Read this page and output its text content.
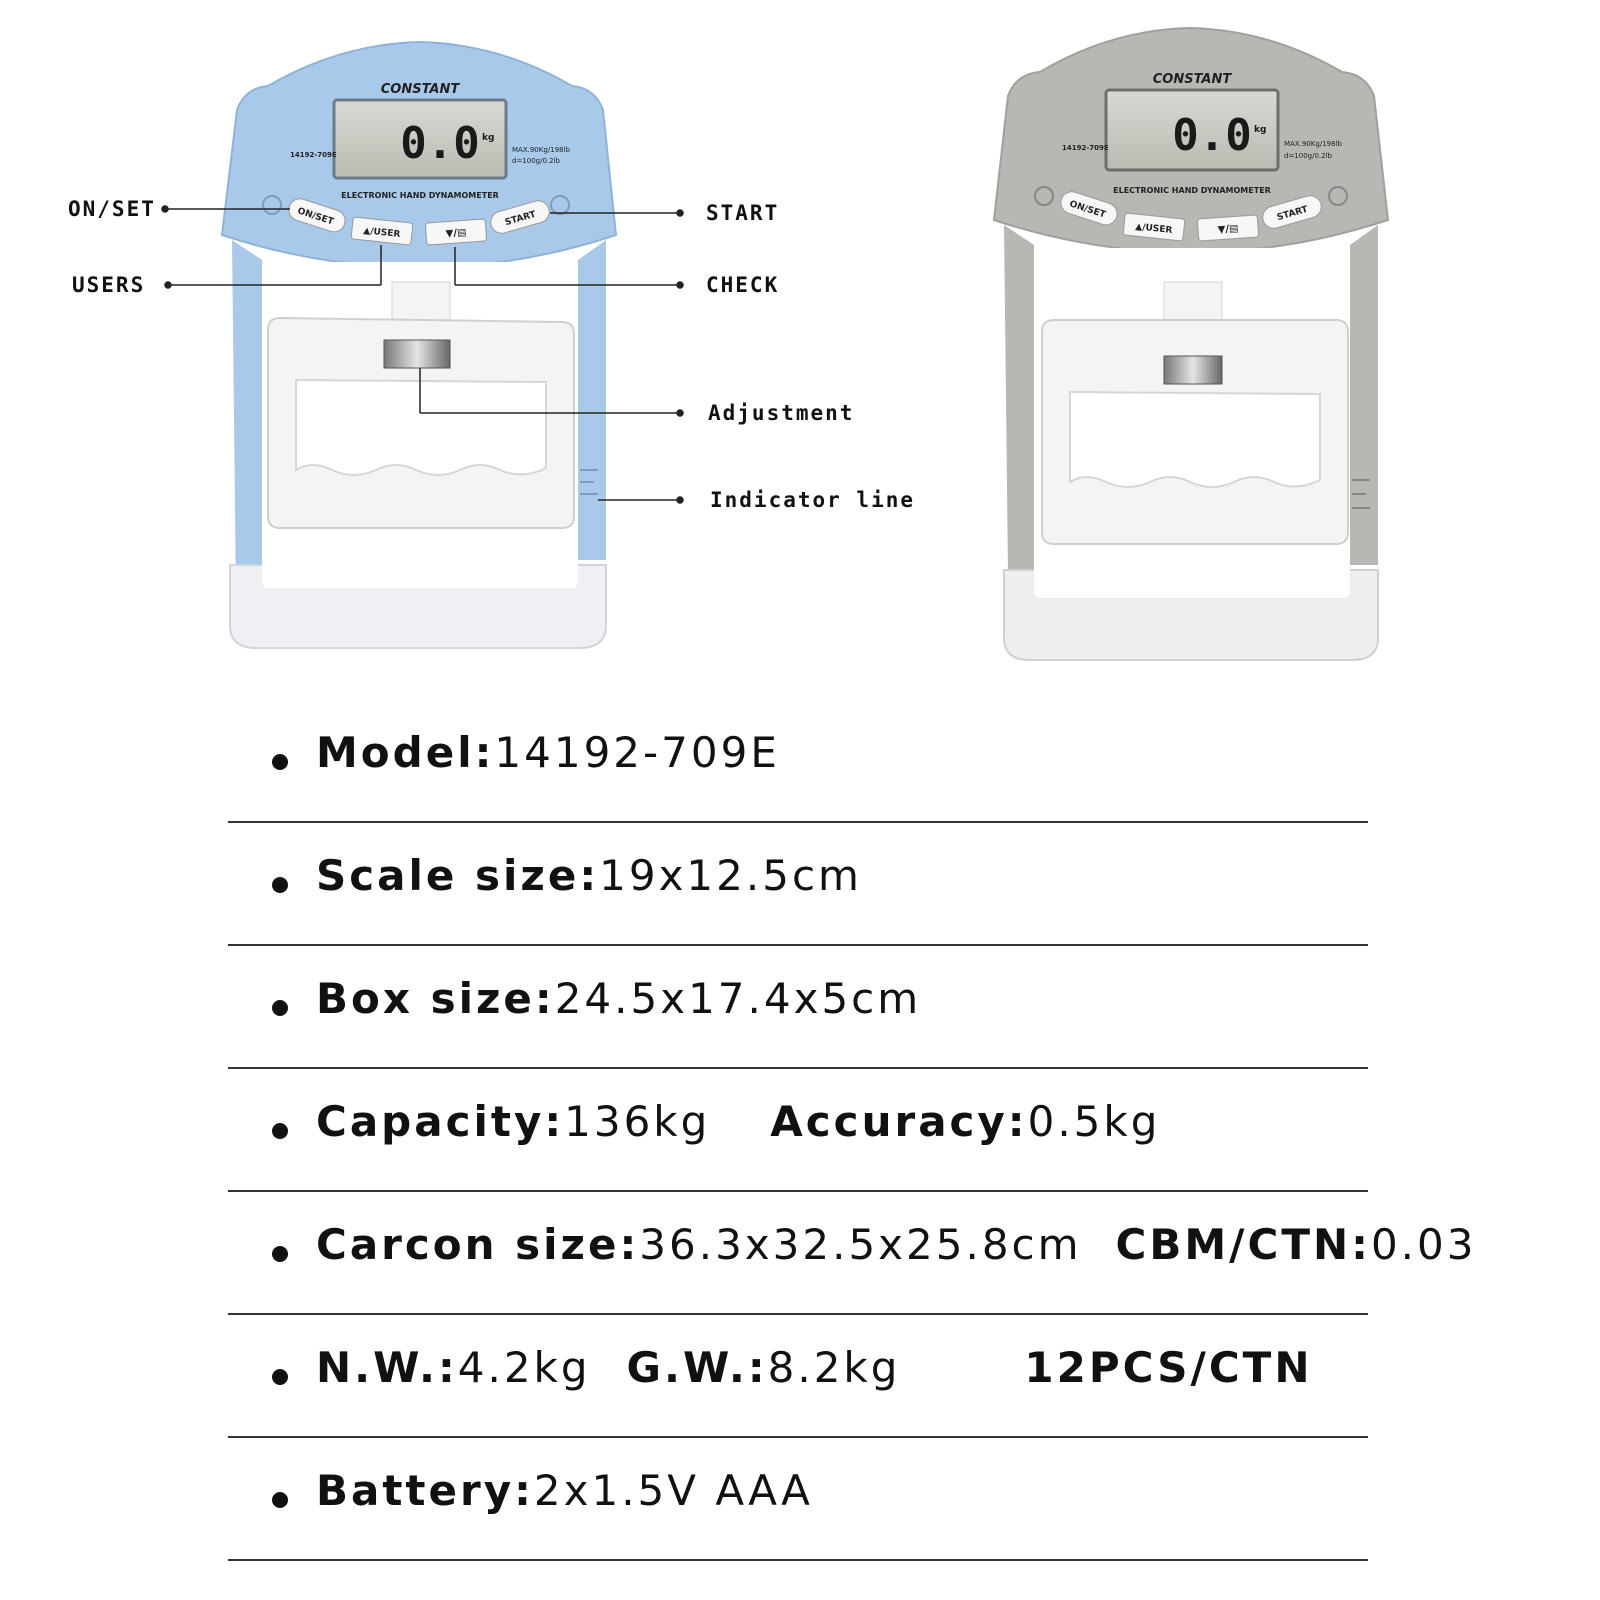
CONSTANT
0.0 kg
14192-709E
MAX.90Kg/198lb
d=100g/0.2lb
ELECTRONIC HAND DYNAMOMETER
ON/SET
▲/USER	▼/▤
START
CONSTANT
0.0 kg
14192-709E	MAX.90Kg/198lb
d=100g/0.2lb
ELECTRONIC HAND DYNAMOMETER
ON/SET
▲/USER	▼/▤
START
ON/SET
USERS
START
CHECK
Adjustment
Indicator line
Model:14192-709E
Scale size:19x12.5cm
Box size:24.5x17.4x5cm
Capacity:136kg Accuracy:0.5kg
Carcon size:36.3x32.5x25.8cm CBM/CTN:0.03
N.W.:4.2kg G.W.:8.2kg	12PCS/CTN
Battery:2x1.5V AAA
